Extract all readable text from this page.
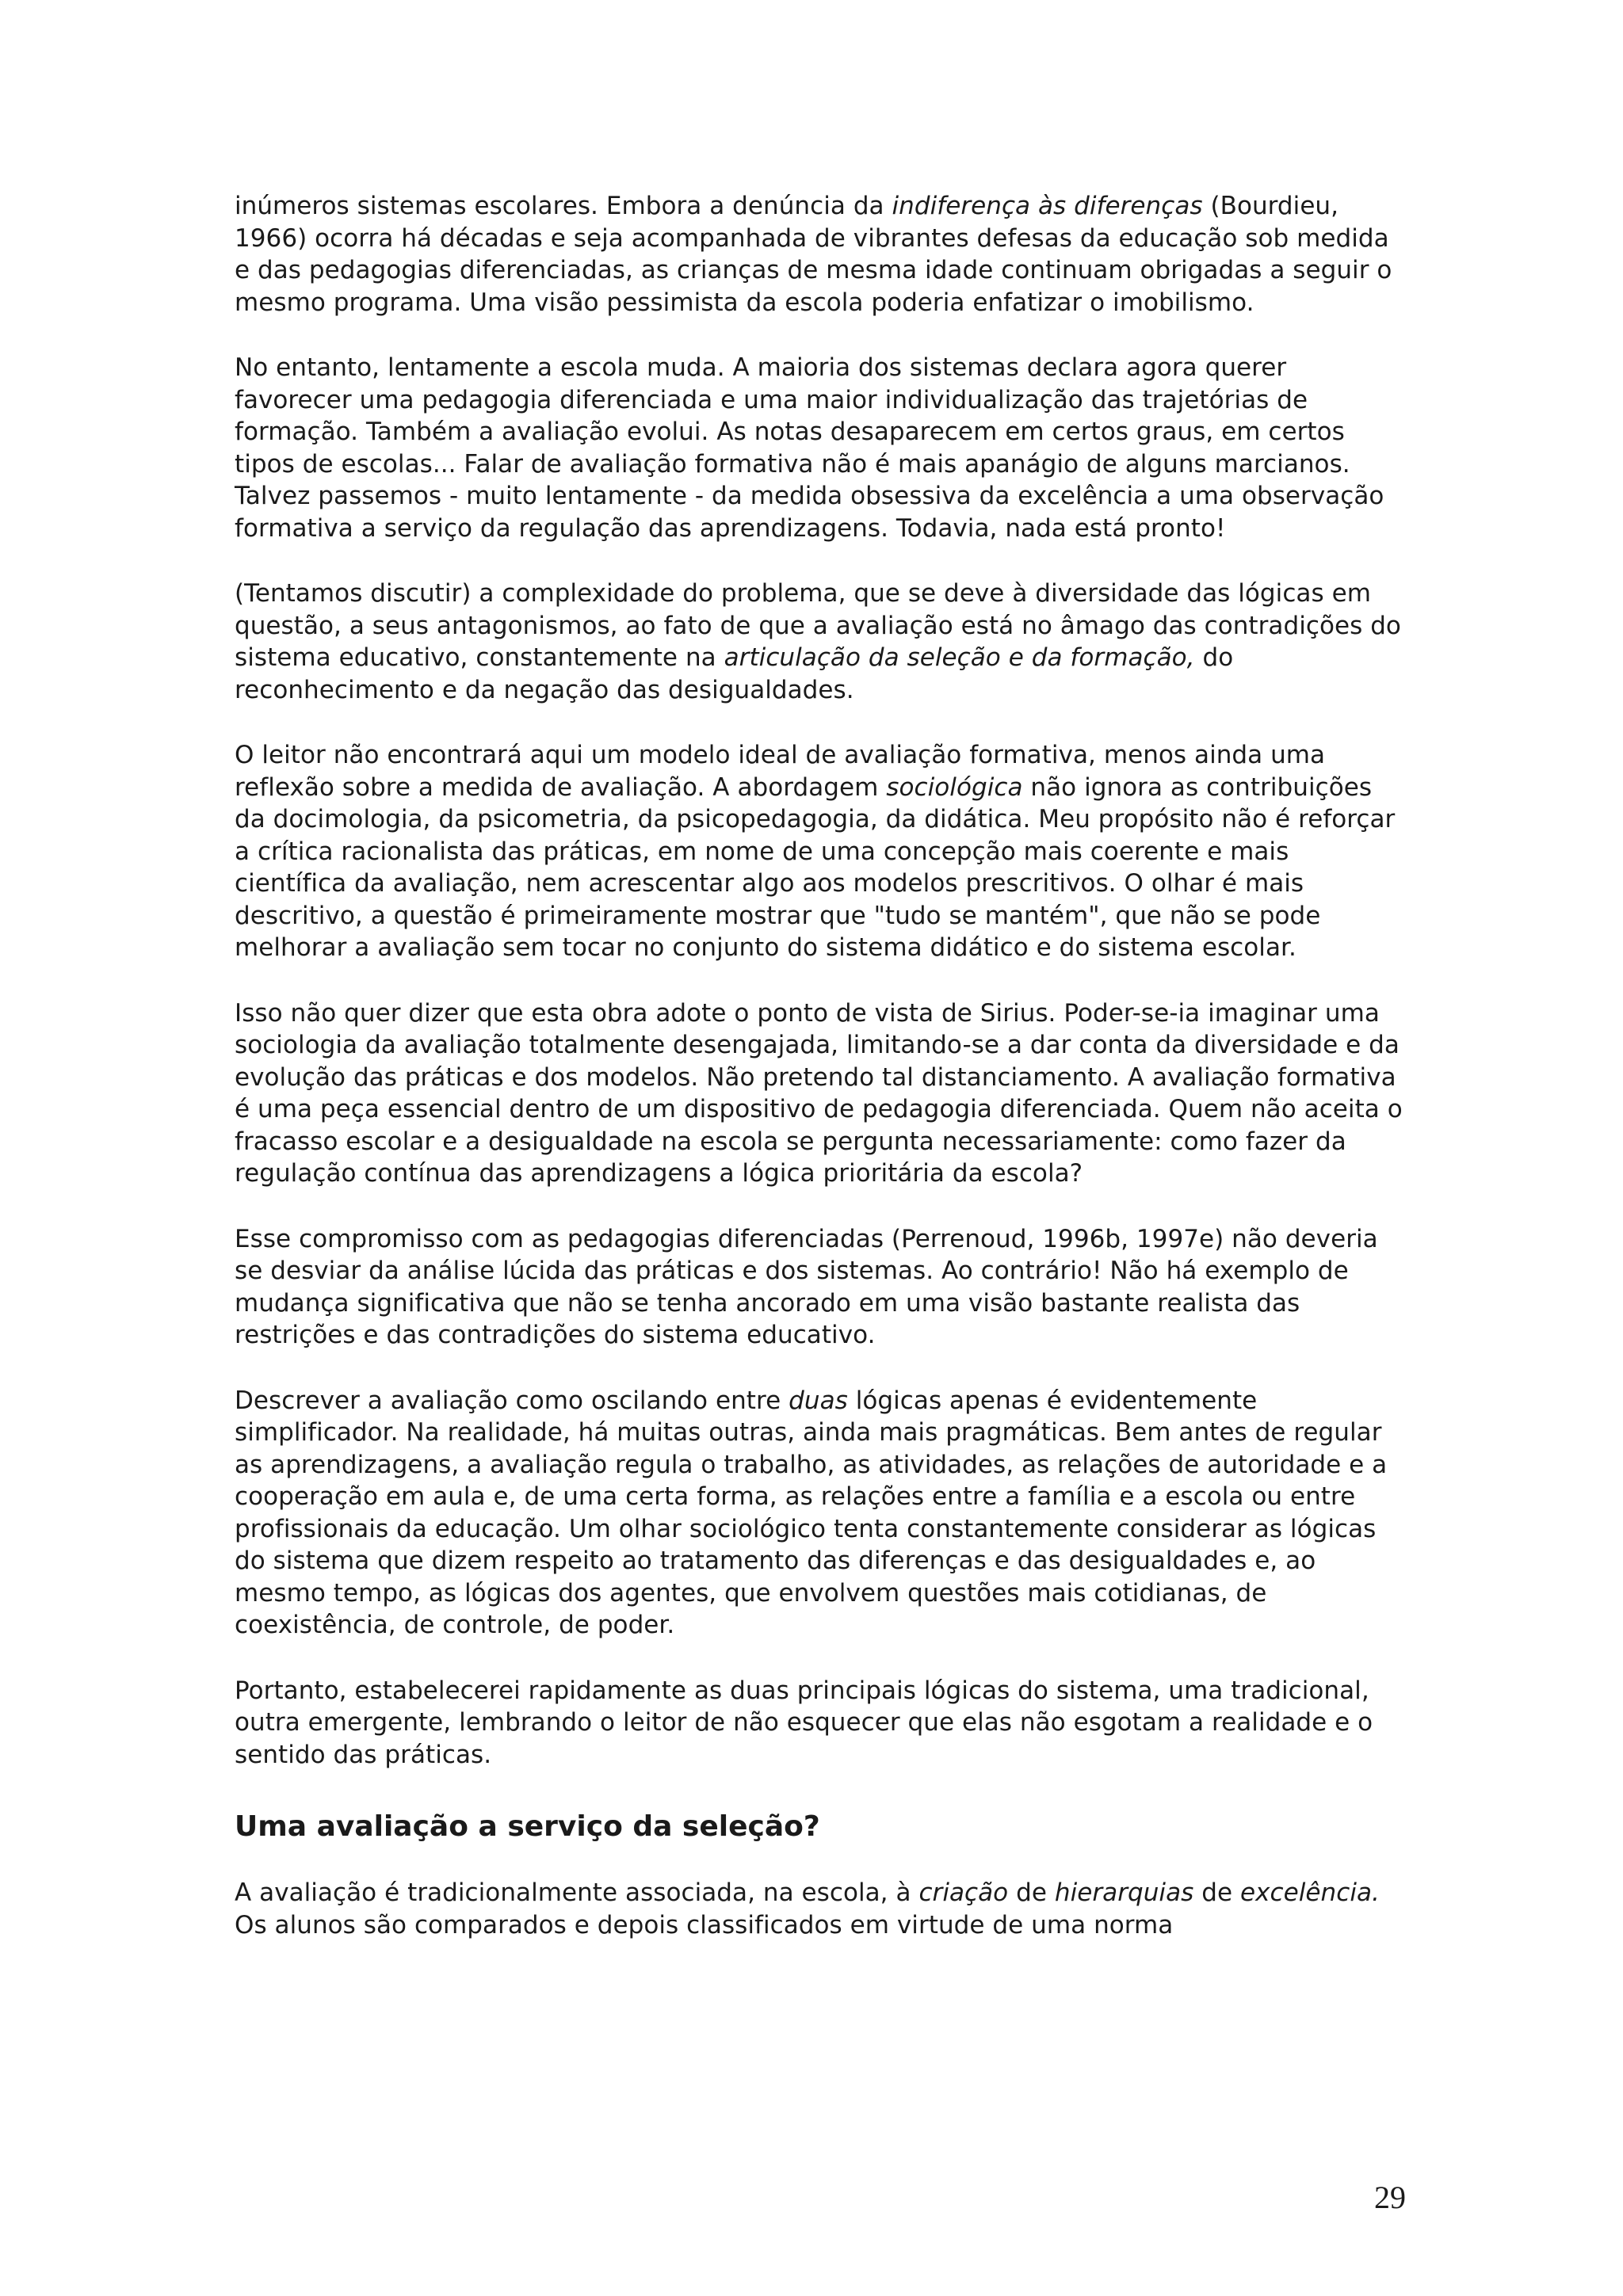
inúmeros sistemas escolares. Embora a denúncia da indiferença às diferenças (Bourdieu, 1966) ocorra há décadas e seja acompanhada de vibrantes defesas da educação sob medida e das pedagogias diferenciadas, as crianças de mesma idade continuam obrigadas a seguir o mesmo programa. Uma visão pessimista da escola poderia enfatizar o imobilismo.

No entanto, lentamente a escola muda. A maioria dos sistemas declara agora querer favorecer uma pedagogia diferenciada e uma maior individualização das trajetórias de formação. Também a avaliação evolui. As notas desaparecem em certos graus, em certos tipos de escolas... Falar de avaliação formativa não é mais apanágio de alguns marcianos. Talvez passemos - muito lentamente - da medida obsessiva da excelência a uma observação formativa a serviço da regulação das aprendizagens. Todavia, nada está pronto!

(Tentamos discutir) a complexidade do problema, que se deve à diversidade das lógicas em questão, a seus antagonismos, ao fato de que a avaliação está no âmago das contradições do sistema educativo, constantemente na articulação da seleção e da formação, do reconhecimento e da negação das desigualdades.

O leitor não encontrará aqui um modelo ideal de avaliação formativa, menos ainda uma reflexão sobre a medida de avaliação. A abordagem sociológica não ignora as contribuições da docimologia, da psicometria, da psicopedagogia, da didática. Meu propósito não é reforçar a crítica racionalista das práticas, em nome de uma concepção mais coerente e mais científica da avaliação, nem acrescentar algo aos modelos prescritivos. O olhar é mais descritivo, a questão é primeiramente mostrar que "tudo se mantém", que não se pode melhorar a avaliação sem tocar no conjunto do sistema didático e do sistema escolar.

Isso não quer dizer que esta obra adote o ponto de vista de Sirius. Poder-se-ia imaginar uma sociologia da avaliação totalmente desengajada, limitando-se a dar conta da diversidade e da evolução das práticas e dos modelos. Não pretendo tal distanciamento. A avaliação formativa é uma peça essencial dentro de um dispositivo de pedagogia diferenciada. Quem não aceita o fracasso escolar e a desigualdade na escola se pergunta necessariamente: como fazer da regulação contínua das aprendizagens a lógica prioritária da escola?

Esse compromisso com as pedagogias diferenciadas (Perrenoud, 1996b, 1997e) não deveria se desviar da análise lúcida das práticas e dos sistemas. Ao contrário! Não há exemplo de mudança significativa que não se tenha ancorado em uma visão bastante realista das restrições e das contradições do sistema educativo.

Descrever a avaliação como oscilando entre duas lógicas apenas é evidentemente simplificador. Na realidade, há muitas outras, ainda mais pragmáticas. Bem antes de regular as aprendizagens, a avaliação regula o trabalho, as atividades, as relações de autoridade e a cooperação em aula e, de uma certa forma, as relações entre a família e a escola ou entre profissionais da educação. Um olhar sociológico tenta constantemente considerar as lógicas do sistema que dizem respeito ao tratamento das diferenças e das desigualdades e, ao mesmo tempo, as lógicas dos agentes, que envolvem questões mais cotidianas, de coexistência, de controle, de poder.

Portanto, estabelecerei rapidamente as duas principais lógicas do sistema, uma tradicional, outra emergente, lembrando o leitor de não esquecer que elas não esgotam a realidade e o sentido das práticas.

Uma avaliação a serviço da seleção?

A avaliação é tradicionalmente associada, na escola, à criação de hierarquias de excelência. Os alunos são comparados e depois classificados em virtude de uma norma

29
